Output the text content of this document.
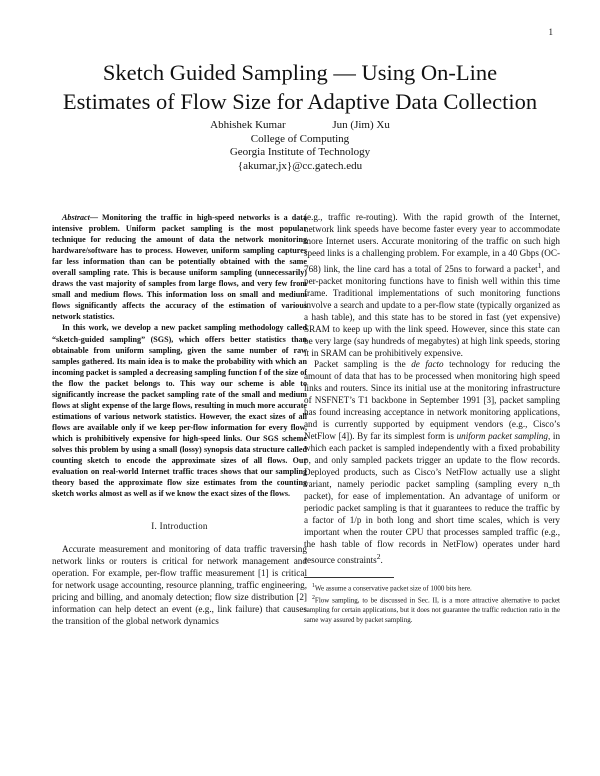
1
Sketch Guided Sampling — Using On-Line
Estimates of Flow Size for Adaptive Data Collection
Abhishek Kumar	Jun (Jim) Xu
College of Computing
Georgia Institute of Technology
{akumar,jx}@cc.gatech.edu

Abstract— Monitoring the traffic in high-speed networks is a data intensive problem. Uniform packet sampling is the most popular technique for reducing the amount of data the network monitoring hardware/software has to process. However, uniform sampling captures far less information than can be potentially obtained with the same overall sampling rate. This is because uniform sampling (unnecessarily) draws the vast majority of samples from large flows, and very few from small and medium flows. This information loss on small and medium flows significantly affects the accuracy of the estimation of various network statistics.

In this work, we develop a new packet sampling methodology called “sketch-guided sampling” (SGS), which offers better statistics than obtainable from uniform sampling, given the same number of raw samples gathered. Its main idea is to make the probability with which an incoming packet is sampled a decreasing sampling function f of the size of the flow the packet belongs to. This way our scheme is able to significantly increase the packet sampling rate of the small and medium flows at slight expense of the large flows, resulting in much more accurate estimations of various network statistics. However, the exact sizes of all flows are available only if we keep per-flow information for every flow, which is prohibitively expensive for high-speed links. Our SGS scheme solves this problem by using a small (lossy) synopsis data structure called counting sketch to encode the approximate sizes of all flows. Our evaluation on real-world Internet traffic traces shows that our sampling theory based the approximate flow size estimates from the counting sketch works almost as well as if we know the exact sizes of the flows.

I. Introduction

Accurate measurement and monitoring of data traffic traversing network links or routers is critical for network management and operation. For example, per-flow traffic measurement [1] is critical for network usage accounting, resource planning, traffic engineering, pricing and billing, and anomaly detection; flow size distribution [2] information can help detect an event (e.g., link failure) that causes the transition of the global network dynamics

(e.g., traffic re-routing). With the rapid growth of the Internet, network link speeds have become faster every year to accommodate more Internet users. Accurate monitoring of the traffic on such high speed links is a challenging problem. For example, in a 40 Gbps (OC-768) link, the line card has a total of 25ns to forward a packet$^1$, and per-packet monitoring functions have to finish well within this time frame. Traditional implementations of such monitoring functions involve a search and update to a per-flow state (typically organized as a hash table), and this state has to be stored in fast (yet expensive) SRAM to keep up with the link speed. However, since this state can be very large (say hundreds of megabytes) at high link speeds, storing it in SRAM can be prohibitively expensive.

Packet sampling is the de facto technology for reducing the amount of data that has to be processed when monitoring high speed links and routers. Since its initial use at the monitoring infrastructure of NSFNET’s T1 backbone in September 1991 [3], packet sampling has found increasing acceptance in network monitoring applications, and is currently supported by equipment vendors (e.g., Cisco’s NetFlow [4]). By far its simplest form is uniform packet sampling, in which each packet is sampled independently with a fixed probability p, and only sampled packets trigger an update to the flow records. Deployed products, such as Cisco’s NetFlow actually use a slight variant, namely periodic packet sampling (sampling every n_th packet), for ease of implementation. An advantage of uniform or periodic packet sampling is that it guarantees to reduce the traffic by a factor of 1/p in both long and short time scales, which is very important when the router CPU that processes sampled traffic (e.g., the hash table of flow records in NetFlow) operates under hard resource constraints$^2$.

$^1$We assume a conservative packet size of 1000 bits here.

$^2$Flow sampling, to be discussed in Sec. II, is a more attractive alternative to packet sampling for certain applications, but it does not guarantee the traffic reduction ratio in the same way assured by packet sampling.
